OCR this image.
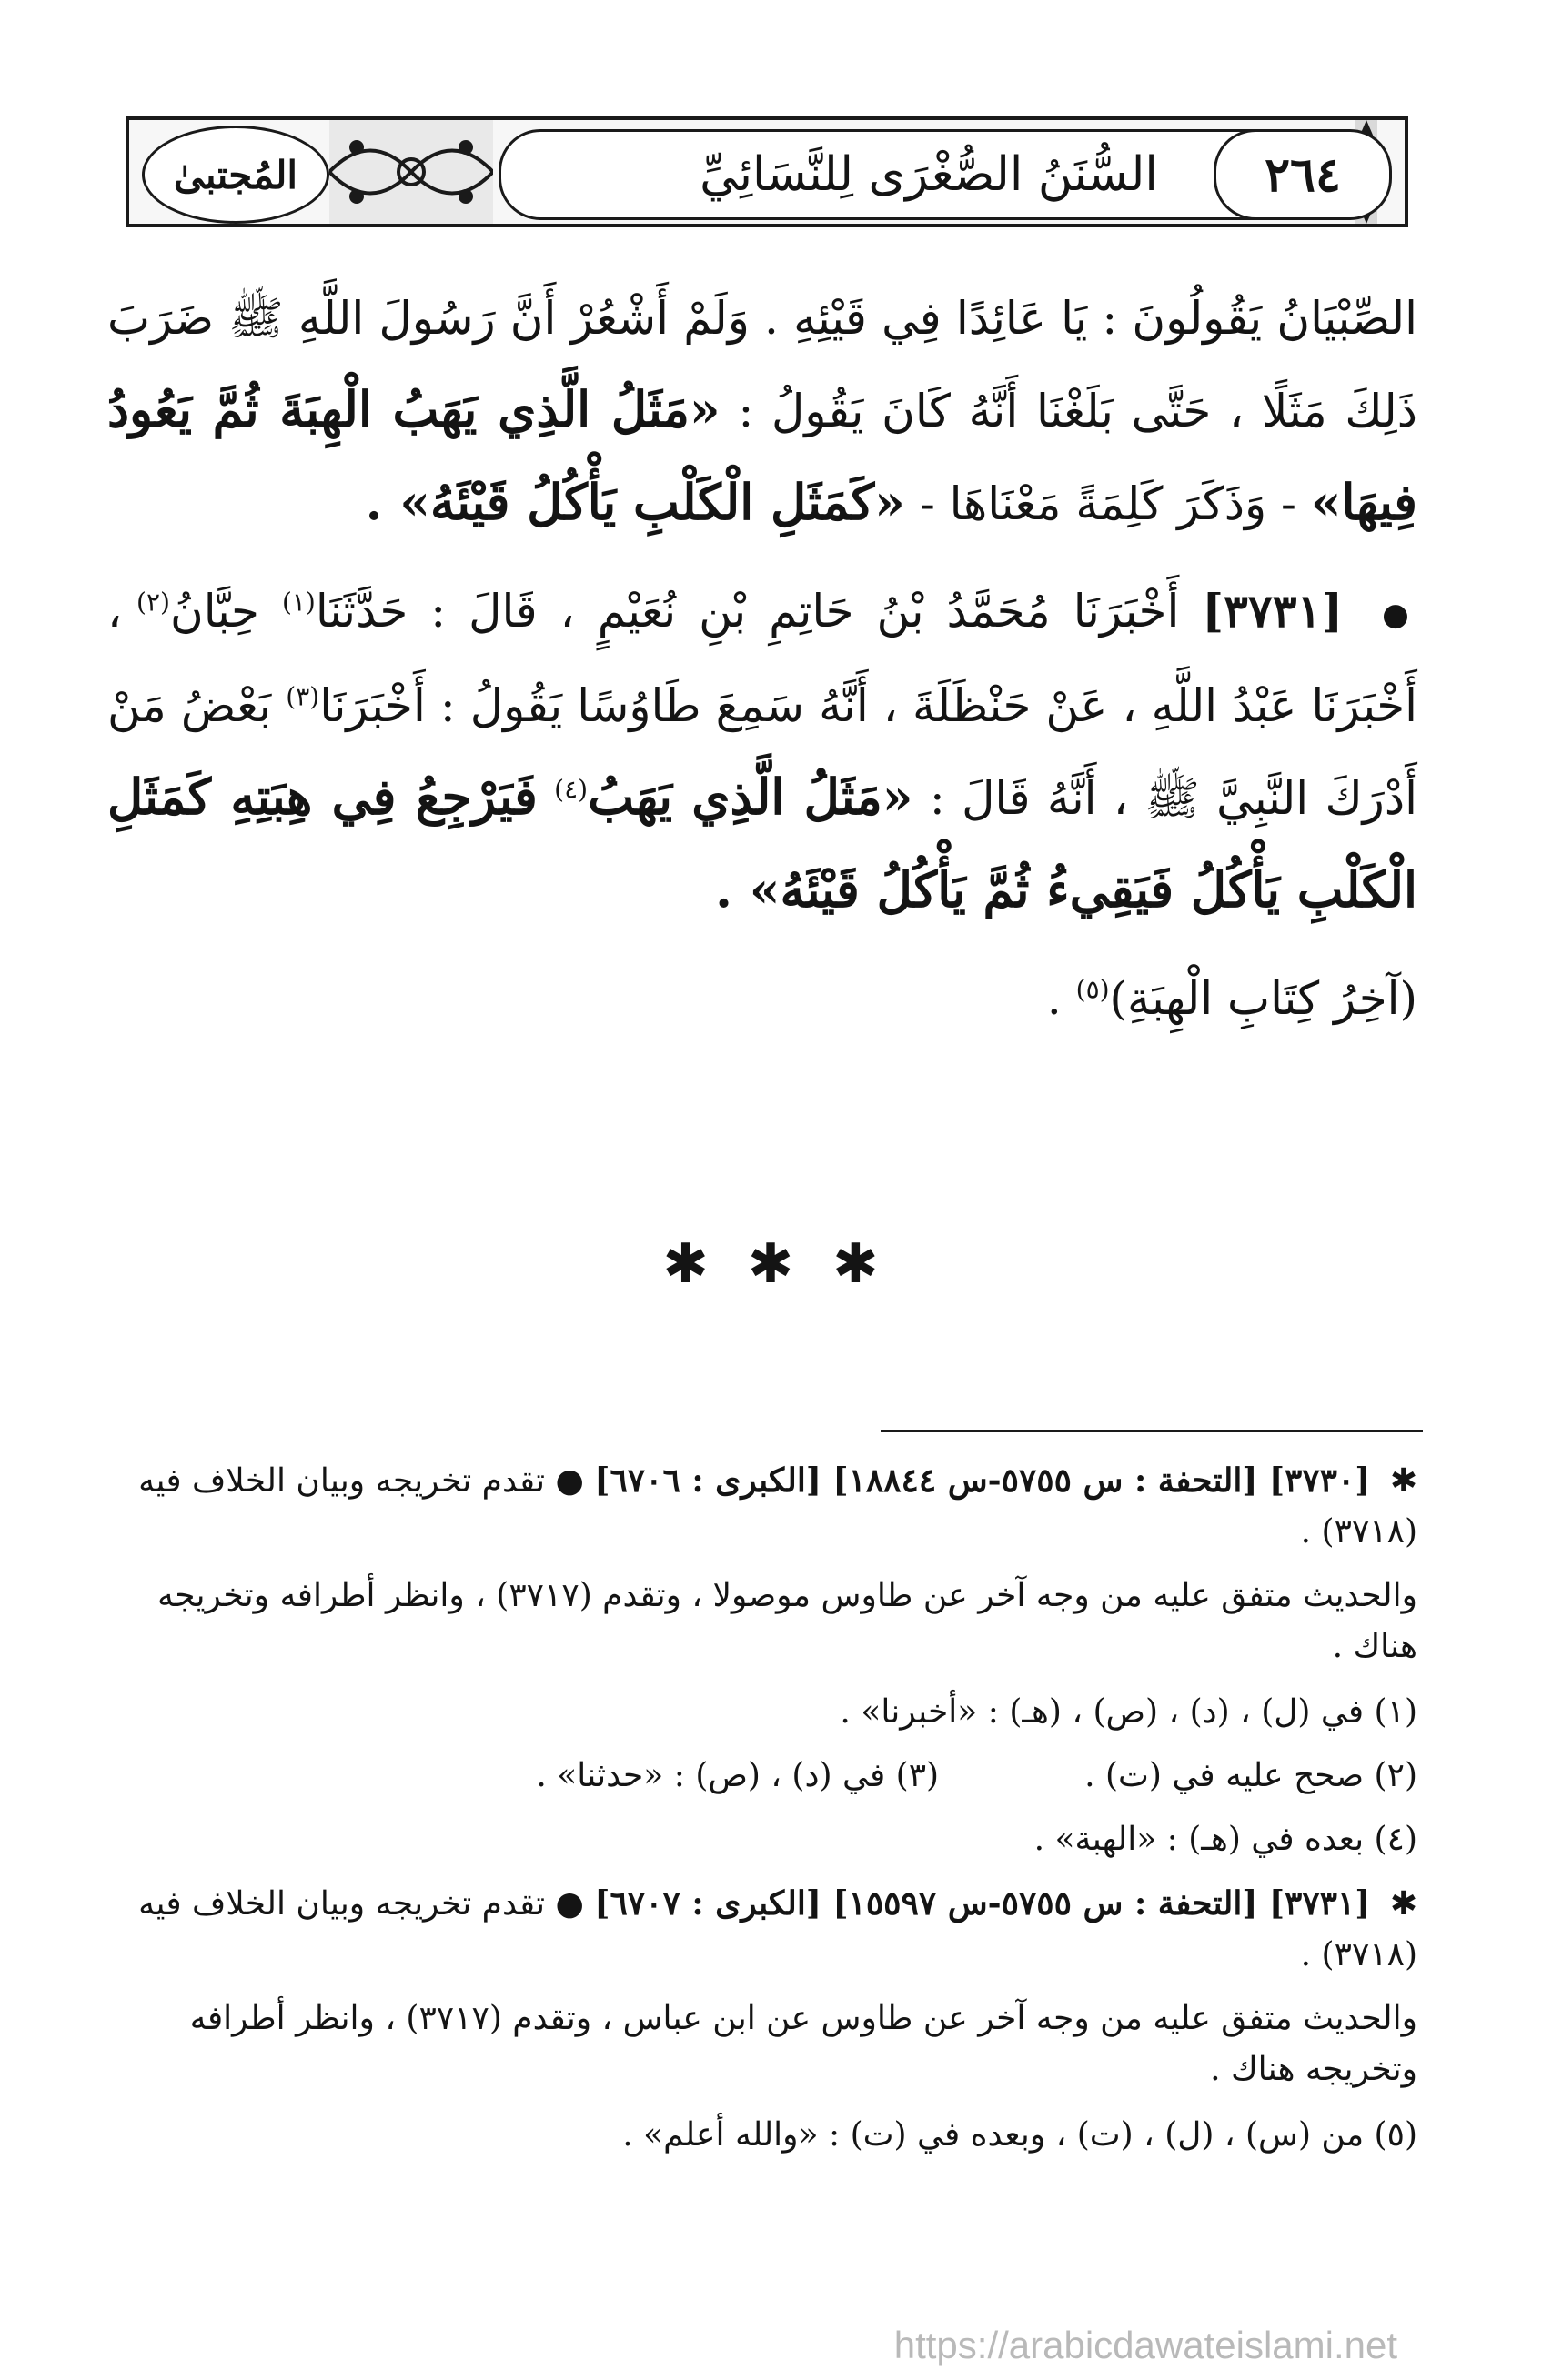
المُجتبىٰ	السُّنَنُ الصُّغْرَى لِلنَّسَائِيِّ	٢٦٤

الصِّبْيَانُ يَقُولُونَ : يَا عَائِدًا فِي قَيْئِهِ . وَلَمْ أَشْعُرْ أَنَّ رَسُولَ اللَّهِ ﷺ ضَرَبَ ذَلِكَ مَثَلًا ، حَتَّى بَلَغْنَا أَنَّهُ كَانَ يَقُولُ : «مَثَلُ الَّذِي يَهَبُ الْهِبَةَ ثُمَّ يَعُودُ فِيهَا» - وَذَكَرَ كَلِمَةً مَعْنَاهَا - «كَمَثَلِ الْكَلْبِ يَأْكُلُ قَيْئَهُ» .

● [٣٧٣١] أَخْبَرَنَا مُحَمَّدُ بْنُ حَاتِمِ بْنِ نُعَيْمٍ ، قَالَ : حَدَّثَنَا$^{(١)}$ حِبَّانُ$^{(٢)}$ ، أَخْبَرَنَا عَبْدُ اللَّهِ ، عَنْ حَنْظَلَةَ ، أَنَّهُ سَمِعَ طَاوُسًا يَقُولُ : أَخْبَرَنَا$^{(٣)}$ بَعْضُ مَنْ أَدْرَكَ النَّبِيَّ ﷺ ، أَنَّهُ قَالَ : «مَثَلُ الَّذِي يَهَبُ$^{(٤)}$ فَيَرْجِعُ فِي هِبَتِهِ كَمَثَلِ الْكَلْبِ يَأْكُلُ فَيَقِيءُ ثُمَّ يَأْكُلُ قَيْئَهُ» .

(آخِرُ كِتَابِ الْهِبَةِ)$^{(٥)}$ .

✱ ✱ ✱
✱ [٣٧٣٠] [التحفة : س ٥٧٥٥-س ١٨٨٤٤] [الكبرى : ٦٧٠٦] ● تقدم تخريجه وبيان الخلاف فيه (٣٧١٨) .
والحديث متفق عليه من وجه آخر عن طاوس موصولا ، وتقدم (٣٧١٧) ، وانظر أطرافه وتخريجه هناك .
(١) في (ل) ، (د) ، (ص) ، (هـ) : «أخبرنا» .
(٢) صحح عليه في (ت) .
(٣) في (د) ، (ص) : «حدثنا» .
(٤) بعده في (هـ) : «الهبة» .
✱ [٣٧٣١] [التحفة : س ٥٧٥٥-س ١٥٥٩٧] [الكبرى : ٦٧٠٧] ● تقدم تخريجه وبيان الخلاف فيه (٣٧١٨) .
والحديث متفق عليه من وجه آخر عن طاوس عن ابن عباس ، وتقدم (٣٧١٧) ، وانظر أطرافه وتخريجه هناك .
(٥) من (س) ، (ل) ، (ت) ، وبعده في (ت) : «والله أعلم» .
https://arabicdawateislami.net
